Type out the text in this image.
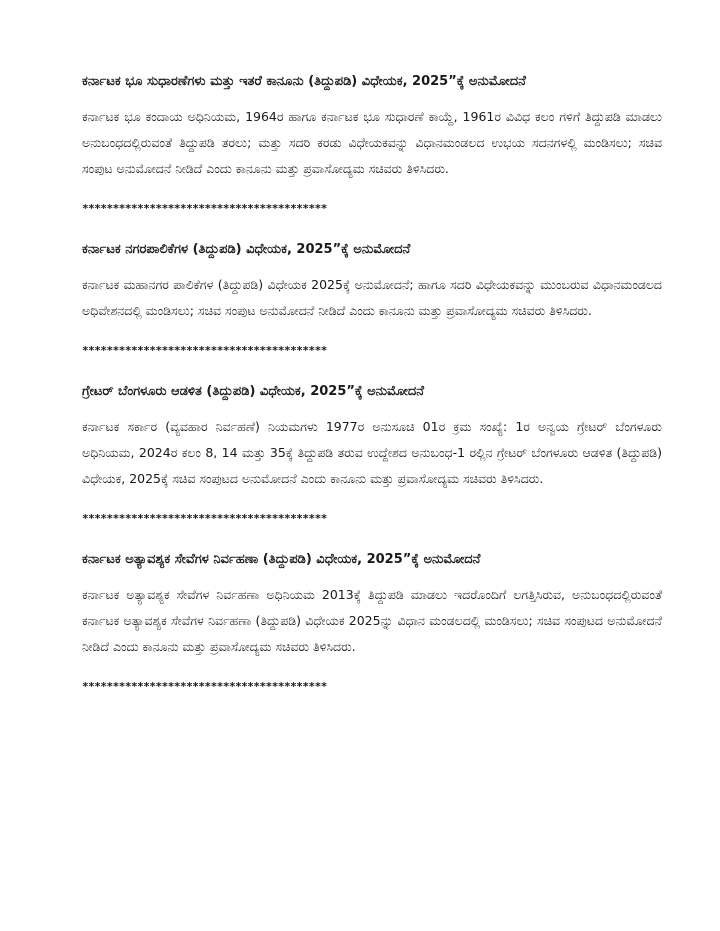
ಕರ್ನಾಟಕ ಭೂ ಸುಧಾರಣೆಗಳು ಮತ್ತು ಇತರೆ ಕಾನೂನು (ತಿದ್ದುಪಡಿ) ವಿಧೇಯಕ, 2025”ಕ್ಕೆ ಅನುಮೋದನೆ

ಕರ್ನಾಟಕ ಭೂ ಕಂದಾಯ ಅಧಿನಿಯಮ, 1964ರ ಹಾಗೂ ಕರ್ನಾಟಕ ಭೂ ಸುಧಾರಣೆ ಕಾಯ್ದೆ, 1961ರ ವಿವಿಧ ಕಲಂ ಗಳಿಗೆ ತಿದ್ದುಪಡಿ ಮಾಡಲು ಅನುಬಂಧದಲ್ಲಿರುವಂತೆ ತಿದ್ದುಪಡಿ ತರಲು; ಮತ್ತು ಸದರಿ ಕರಡು ವಿಧೇಯಕವನ್ನು ವಿಧಾನಮಂಡಲದ ಉಭಯ ಸದನಗಳಲ್ಲಿ ಮಂಡಿಸಲು; ಸಚಿವ ಸಂಪುಟ ಅನುಮೋದನೆ ನೀಡಿದೆ ಎಂದು ಕಾನೂನು ಮತ್ತು ಪ್ರವಾಸೋದ್ಯಮ ಸಚಿವರು ತಿಳಿಸಿದರು.

****************************************

ಕರ್ನಾಟಕ ನಗರಪಾಲಿಕೆಗಳ (ತಿದ್ದುಪಡಿ) ವಿಧೇಯಕ, 2025”ಕ್ಕೆ ಅನುಮೋದನೆ

ಕರ್ನಾಟಕ ಮಹಾನಗರ ಪಾಲಿಕೆಗಳ (ತಿದ್ದುಪಡಿ) ವಿಧೇಯಕ 2025ಕ್ಕೆ ಅನುಮೋದನೆ; ಹಾಗೂ ಸದರಿ ವಿಧೇಯಕವನ್ನು ಮುಂಬರುವ ವಿಧಾನಮಂಡಲದ ಅಧಿವೇಶನದಲ್ಲಿ ಮಂಡಿಸಲು; ಸಚಿವ ಸಂಪುಟ ಅನುಮೋದನೆ ನೀಡಿದೆ ಎಂದು ಕಾನೂನು ಮತ್ತು ಪ್ರವಾಸೋದ್ಯಮ ಸಚಿವರು ತಿಳಿಸಿದರು.

****************************************

ಗ್ರೇಟರ್ ಬೆಂಗಳೂರು ಆಡಳಿತ (ತಿದ್ದುಪಡಿ) ವಿಧೇಯಕ, 2025”ಕ್ಕೆ ಅನುಮೋದನೆ

ಕರ್ನಾಟಕ ಸರ್ಕಾರ (ವ್ಯವಹಾರ ನಿರ್ವಹಣೆ) ನಿಯಮಗಳು 1977ರ ಅನುಸೂಚಿ 01ರ ಕ್ರಮ ಸಂಖ್ಯೆ: 1ರ ಅನ್ವಯ ಗ್ರೇಟರ್ ಬೆಂಗಳೂರು ಅಧಿನಿಯಮ, 2024ರ ಕಲಂ 8, 14 ಮತ್ತು 35ಕ್ಕೆ ತಿದ್ದುಪಡಿ ತರುವ ಉದ್ದೇಶದ ಅನುಬಂಧ-1 ರಲ್ಲಿನ ಗ್ರೇಟರ್ ಬೆಂಗಳೂರು ಆಡಳಿತ (ತಿದ್ದುಪಡಿ) ವಿಧೇಯಕ, 2025ಕ್ಕೆ ಸಚಿವ ಸಂಪುಟದ ಅನುಮೋದನೆ ಎಂದು ಕಾನೂನು ಮತ್ತು ಪ್ರವಾಸೋದ್ಯಮ ಸಚಿವರು ತಿಳಿಸಿದರು.

****************************************

ಕರ್ನಾಟಕ ಅತ್ಯಾವಶ್ಯಕ ಸೇವೆಗಳ ನಿರ್ವಹಣಾ (ತಿದ್ದುಪಡಿ) ವಿಧೇಯಕ, 2025”ಕ್ಕೆ ಅನುಮೋದನೆ

ಕರ್ನಾಟಕ ಅತ್ಯಾವಶ್ಯಕ ಸೇವೆಗಳ ನಿರ್ವಹಣಾ ಅಧಿನಿಯಮ 2013ಕ್ಕೆ ತಿದ್ದುಪಡಿ ಮಾಡಲು ಇದರೊಂದಿಗೆ ಲಗತ್ತಿಸಿರುವ, ಅನುಬಂಧದಲ್ಲಿರುವಂತೆ ಕರ್ನಾಟಕ ಅತ್ಯಾವಶ್ಯಕ ಸೇವೆಗಳ ನಿರ್ವಹಣಾ (ತಿದ್ದುಪಡಿ) ವಿಧೇಯಕ 2025ನ್ನು ವಿಧಾನ ಮಂಡಲದಲ್ಲಿ ಮಂಡಿಸಲು; ಸಚಿವ ಸಂಪುಟದ ಅನುಮೋದನೆ ನೀಡಿದೆ ಎಂದು ಕಾನೂನು ಮತ್ತು ಪ್ರವಾಸೋದ್ಯಮ ಸಚಿವರು ತಿಳಿಸಿದರು.

****************************************
